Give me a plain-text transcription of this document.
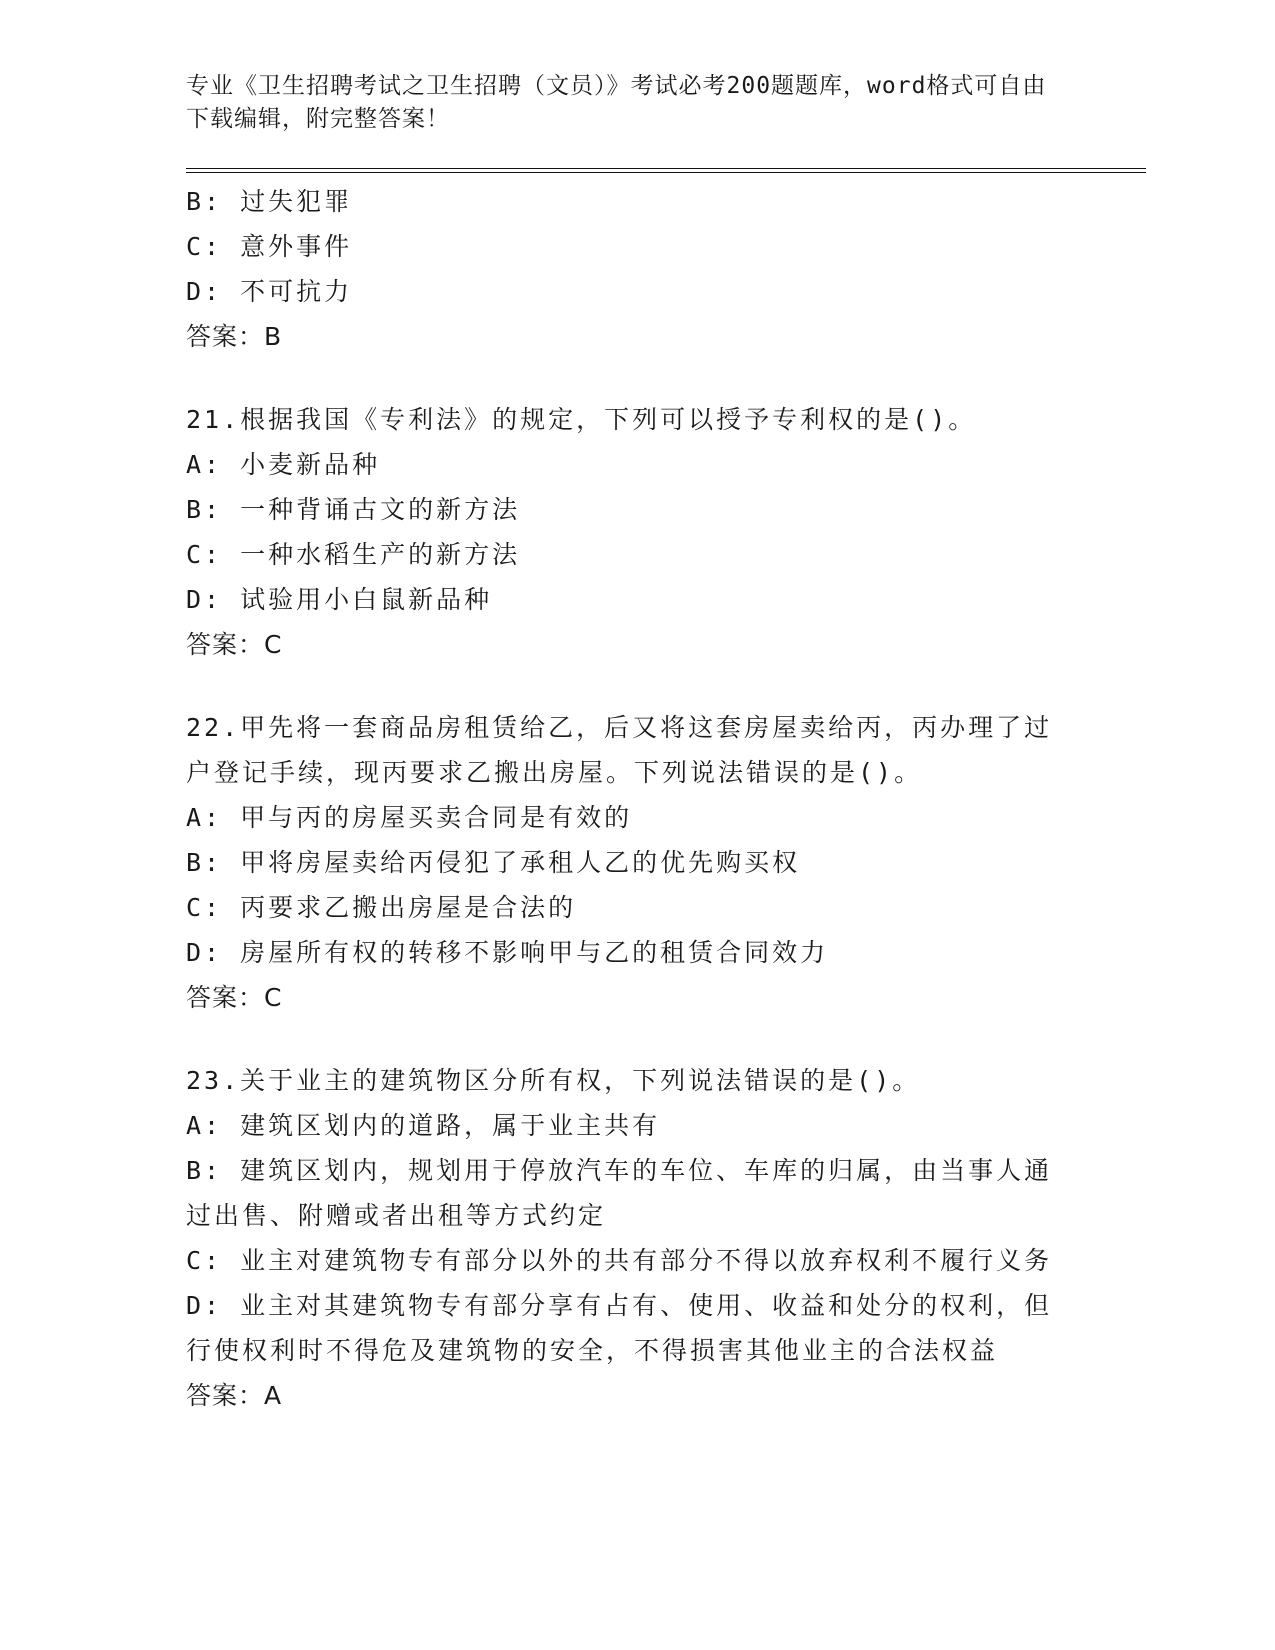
专业《卫生招聘考试之卫生招聘（文员）》考试必考200题题库，word格式可自由下载编辑，附完整答案！

B: 过失犯罪

C: 意外事件

D: 不可抗力

答案：B

21.根据我国《专利法》的规定，下列可以授予专利权的是()。

A: 小麦新品种

B: 一种背诵古文的新方法

C: 一种水稻生产的新方法

D: 试验用小白鼠新品种

答案：C

22.甲先将一套商品房租赁给乙，后又将这套房屋卖给丙，丙办理了过户登记手续，现丙要求乙搬出房屋。下列说法错误的是()。

A: 甲与丙的房屋买卖合同是有效的

B: 甲将房屋卖给丙侵犯了承租人乙的优先购买权

C: 丙要求乙搬出房屋是合法的

D: 房屋所有权的转移不影响甲与乙的租赁合同效力

答案：C

23.关于业主的建筑物区分所有权，下列说法错误的是()。

A: 建筑区划内的道路，属于业主共有

B: 建筑区划内，规划用于停放汽车的车位、车库的归属，由当事人通过出售、附赠或者出租等方式约定

C: 业主对建筑物专有部分以外的共有部分不得以放弃权利不履行义务

D: 业主对其建筑物专有部分享有占有、使用、收益和处分的权利，但行使权利时不得危及建筑物的安全，不得损害其他业主的合法权益

答案：A
